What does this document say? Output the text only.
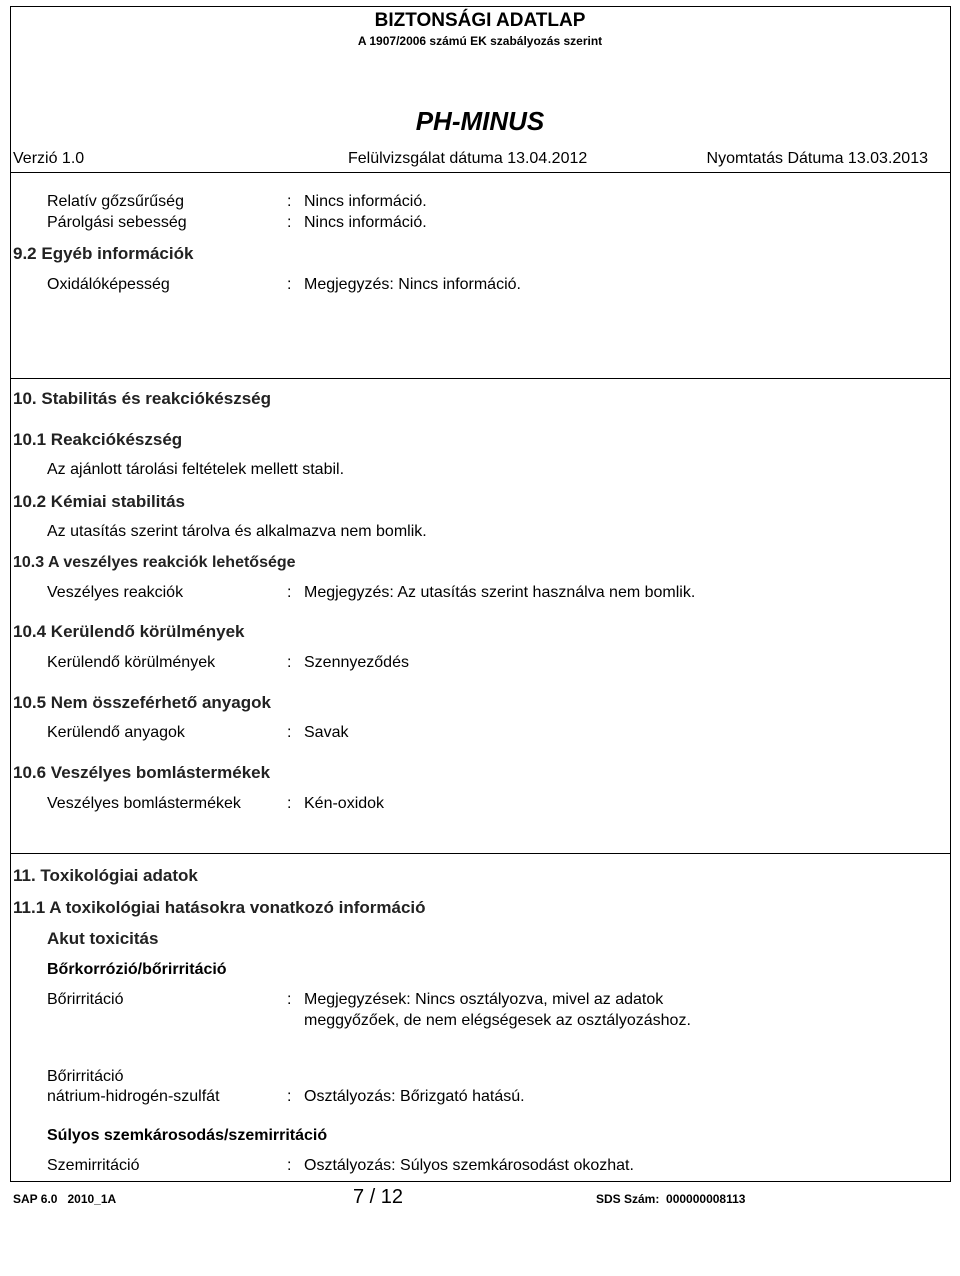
BIZTONSÁGI ADATLAP
A 1907/2006 számú EK szabályozás szerint
PH-MINUS
Verzió 1.0	Felülvizsgálat dátuma 13.04.2012	Nyomtatás Dátuma 13.03.2013
Relatív gőzsűrűség	: Nincs információ.
Párolgási sebesség	: Nincs információ.
9.2 Egyéb információk
Oxidálóképesség	: Megjegyzés: Nincs információ.
10. Stabilitás és reakciókészség
10.1 Reakciókészség
Az ajánlott tárolási feltételek mellett stabil.
10.2 Kémiai stabilitás
Az utasítás szerint tárolva és alkalmazva nem bomlik.
10.3 A veszélyes reakciók lehetősége
Veszélyes reakciók	: Megjegyzés: Az utasítás szerint használva nem bomlik.
10.4 Kerülendő körülmények
Kerülendő körülmények	: Szennyeződés
10.5 Nem összeférhető anyagok
Kerülendő anyagok	: Savak
10.6 Veszélyes bomlástermékek
Veszélyes bomlástermékek	: Kén-oxidok
11. Toxikológiai adatok
11.1 A toxikológiai hatásokra vonatkozó információ
Akut toxicitás
Bőrkorrózió/bőrirritáció
Bőrirritáció	: Megjegyzések: Nincs osztályozva, mivel az adatok
meggyőzőek, de nem elégségesek az osztályozáshoz.
Bőrirritáció
nátrium-hidrogén-szulfát	: Osztályozás: Bőrizgató hatású.
Súlyos szemkárosodás/szemirritáció
Szemirritáció	: Osztályozás: Súlyos szemkárosodást okozhat.
SAP 6.0   2010_1A	7 / 12	SDS Szám:  000000008113
